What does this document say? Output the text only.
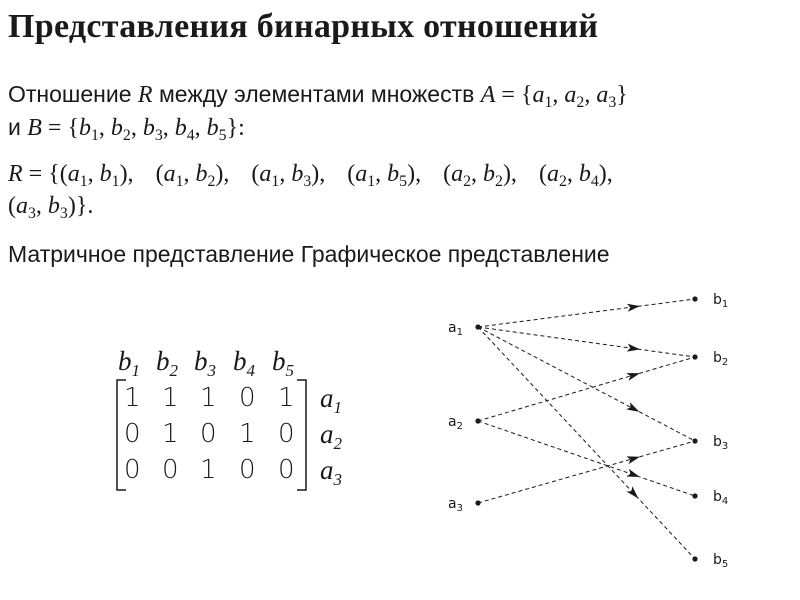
Представления бинарных отношений

Отношение R между элементами множеств $A = \{a_1$, $a_2$, $a_3$}
и $B = \{b_1$, $b_2$, $b_3$, $b_4$, $b_5$}:

$R = \{(a_1$, $b_1$), ($a_1$, $b_2$), ($a_1$, $b_3$), ($a_1$, $b_5$), ($a_2$, $b_2$), ($a_2$, $b_4$),
($a_3$, $b_3$)}.

Матричное представление Графическое представление

$b_1$ $b_2$ $b_3$ $b_4$ $b_5$
1 1 1 0 1
0 1 0 1 0
0 0 1 0 0
$a_1$
$a_2$
$a_3$
$a_1$
$a_2$
$a_3$
$b_1$
$b_2$
$b_3$
$b_4$
$b_5$
